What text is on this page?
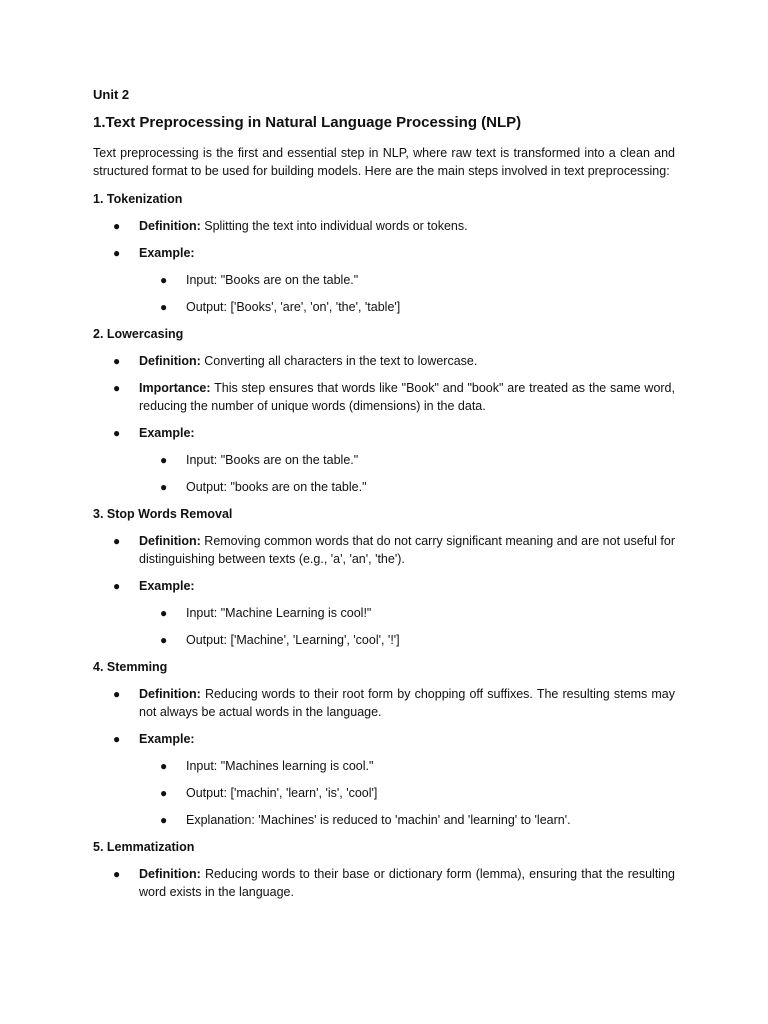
Unit 2
1.Text Preprocessing in Natural Language Processing (NLP)
Text preprocessing is the first and essential step in NLP, where raw text is transformed into a clean and structured format to be used for building models. Here are the main steps involved in text preprocessing:
1. Tokenization
● Definition: Splitting the text into individual words or tokens.
● Example:
● Input: "Books are on the table."
● Output: ['Books', 'are', 'on', 'the', 'table']
2. Lowercasing
● Definition: Converting all characters in the text to lowercase.
● Importance: This step ensures that words like "Book" and "book" are treated as the same word, reducing the number of unique words (dimensions) in the data.
● Example:
● Input: "Books are on the table."
● Output: "books are on the table."
3. Stop Words Removal
● Definition: Removing common words that do not carry significant meaning and are not useful for distinguishing between texts (e.g., 'a', 'an', 'the').
● Example:
● Input: "Machine Learning is cool!"
● Output: ['Machine', 'Learning', 'cool', '!']
4. Stemming
● Definition: Reducing words to their root form by chopping off suffixes. The resulting stems may not always be actual words in the language.
● Example:
● Input: "Machines learning is cool."
● Output: ['machin', 'learn', 'is', 'cool']
● Explanation: 'Machines' is reduced to 'machin' and 'learning' to 'learn'.
5. Lemmatization
● Definition: Reducing words to their base or dictionary form (lemma), ensuring that the resulting word exists in the language.
